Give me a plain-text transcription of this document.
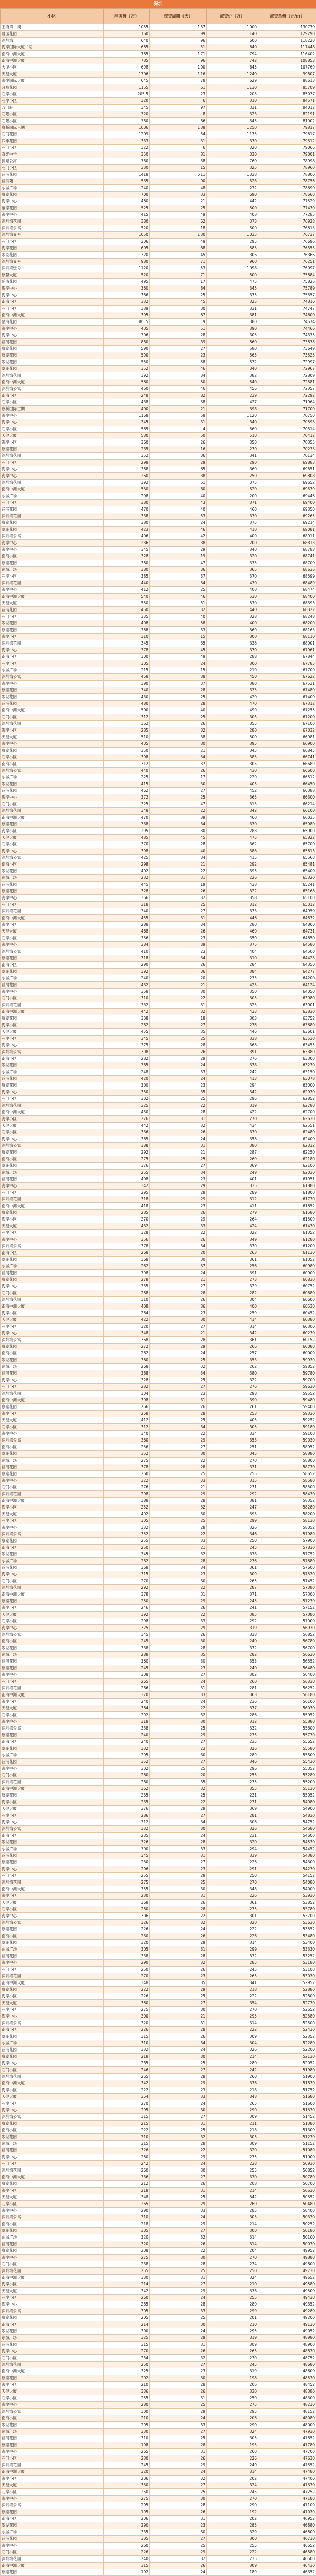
深圳
小区	挂牌价（万）	成交周期（天）	成交价（万）	成交单价（元/㎡）
王府第二期	1055	137	1000	130770
雅园花园	1160	99	1140	129290
深圳湾	640	96	600	118220
海岸国际大厦二期	665	51	640	117448
南海中洲大厦	785	171	794	116402
南海中洲大厦	785	96	742	108853
大厦小区	698	100	645	107760
天健大厦	1306	116	1240	99807
海岸国际大厦	645	78	629	88613
月峰花园	1155	61	1130	85709
石岸小区	205.5	23	203	85037
石岸小区	320	6	310	84571
万门轩	345	97	331	84012
石景小区	320	8	323	82191
石景小区	380	86	345	81002
康桥国际三期	1006	138	1250	79817
石门花园	1209	54	1175	79617
四季花园	333	31	330	79512
石门小区	322	6	320	79066
育光中学	350	81	330	79001
源泉公寓	780	38	760	78998
石门小区	330	15	325	78960
蓝浦花园	1418	511	1338	78800
蓝滨苑	535	90	528	78756
东城广场	240	48	232	78690
康泰花园	700	33	690	78660
海岸中心	460	21	442	77529
豪岸花园	525	25	500	77470
海岸中心	415	49	408	77285
深圳湾花园	380	62	373	76928
深圳湾公寓	520	18	500	76813
深圳湾壹号	1050	130	1035	76737
石门小区	306	49	295	76696
海岸花园	605	88	585	76555
翠湖花园	320	45	306	76366
深圳湾壹号	980	71	960	76251
深圳湾壹号	1120	53	1098	76097
康馨大厦	520	71	500	75884
乐湾花园	495	17	475	75826
海岸中心	360	84	345	75789
海岸中心	386	25	375	75557
南海小区	332	45	325	74816
石门小区	339	30	331	74747
南海中洲大厦	395	87	381	74600
星海花园	385.5	9	380	74574
海岸中心	405	51	390	74466
海岸中心	306	28	305	74375
蓝浦花园	880	39	860	73878
康泰花园	590	27	580	73649
康泰花园	590	23	565	73525
翠湖花园	550	58	532	72997
翠湖花园	352	46	340	72967
深圳湾花园	392	34	382	72809
南海中洲大厦	560	50	540	72581
深圳湾公寓	460	46	456	72357
南海小区	248	82	239	72292
石岸小区	438	38	427	71964
康桥国际三期	400	21	398	71700
海岸中心	1168	58	1120	70750
海岸中心	345	31	340	70593
石岸小区	565	4	560	70514
天健大厦	530	50	510	70412
海岸小区	360	26	350	70355
康泰花园	235	16	230	70235
深圳湾花园	352	36	341	70134
石门小区	298	29	290	69883
海岸中心	368	65	360	69851
海岸中心	260	38	250	69808
深圳湾花园	392	51	375	69652
南海中洲大厦	530	80	520	69579
东城广场	208	40	200	69446
石门小区	380	43	371	69400
蓝浦花园	470	40	460	69350
深圳湾花园	338	53	330	69265
康泰花园	380	24	375	69214
翠湖花园	423	46	410	69081
深圳湾公寓	406	42	400	68911
海岸中心	1236	38	1200	68813
海岸中心	345	29	340	68783
南海小区	328	19	320	68741
康泰花园	380	47	375	68700
东城广场	380	36	365	68636
石岸小区	385	37	370	68599
深圳湾花园	440	34	430	68489
海岸中心	412	25	400	68474
南海中洲大厦	540	46	530	68400
天健大厦	550	51	530	68393
蓝浦花园	450	32	440	68322
石门小区	335	40	328	68248
翠湖花园	408	58	400	68200
康泰花园	368	33	360	68163
海岸小区	310	15	300	68110
深圳湾花园	345	35	338	68001
海岸中心	378	45	370	67961
南海小区	300	49	288	67844
石岸小区	305	24	300	67785
东城广场	215	15	210	67700
深圳湾公寓	458	38	450	67622
海岸中心	390	37	380	67531
康泰花园	340	28	335	67480
翠湖花园	430	25	420	67400
蓝浦花园	480	28	470	67312
南海中洲大厦	500	40	490	67255
石门小区	312	25	305	67200
深圳湾花园	362	26	355	67100
海岸小区	285	32	280	67032
天健大厦	510	38	500	66981
海岸中心	405	30	395	66900
康泰花园	350	21	345	66845
石岸小区	398	54	385	66741
南海小区	312	37	305	66689
深圳湾公寓	440	26	430	66600
东城广场	225	17	220	66512
翠湖花园	415	30	405	66450
蓝浦花园	462	27	452	66388
海岸中心	372	25	365	66300
石门小区	325	47	315	66214
深圳湾花园	348	22	342	66100
南海中洲大厦	470	39	460	66035
康泰花园	338	34	330	65980
海岸小区	295	30	288	65900
天健大厦	485	45	475	65822
石岸小区	370	28	362	65700
海岸中心	398	40	388	65613
深圳湾公寓	425	34	415	65560
南海小区	298	21	292	65481
翠湖花园	402	22	395	65400
东城广场	232	31	226	65320
蓝浦花园	445	19	438	65241
康泰花园	328	26	322	65168
海岸中心	366	32	358	65100
石门小区	318	25	312	65012
深圳湾花园	340	27	333	64950
南海中洲大厦	455	31	446	64872
海岸小区	288	34	280	64800
天健大厦	468	26	460	64731
石岸小区	356	23	350	64650
海岸中心	384	39	375	64580
深圳湾公寓	410	23	404	64500
康泰花园	318	34	310	64423
南海小区	290	26	284	64350
翠湖花园	392	36	384	64277
东城广场	240	20	235	64200
蓝浦花园	432	21	425	64124
海岸中心	358	30	350	64050
石门小区	310	22	305	63980
深圳湾花园	332	31	325	63901
南海中洲大厦	442	32	433	63830
康泰花园	308	18	303	63752
海岸小区	282	27	276	63680
天健大厦	455	35	446	63601
石岸小区	345	25	338	63530
海岸中心	375	28	368	63455
深圳湾公寓	398	26	391	63380
南海小区	282	29	276	63300
翠湖花园	385	24	378	63230
东城广场	248	33	242	63150
蓝浦花园	420	24	413	63078
康泰花园	300	23	294	63000
海岸中心	350	35	342	62930
石门小区	302	25	296	62852
深圳湾花园	325	22	319	62780
南海中洲大厦	430	28	422	62700
海岸小区	276	31	270	62630
天健大厦	442	32	434	62551
石岸小区	336	26	330	62480
海岸中心	365	24	358	62400
深圳湾公寓	388	31	380	62332
康泰花园	292	21	287	62250
南海小区	275	25	269	62180
翠湖花园	376	27	369	62100
东城广场	255	34	249	62030
蓝浦花园	408	23	401	61951
海岸中心	342	29	335	61880
石门小区	295	28	289	61800
深圳湾花园	318	29	312	61730
南海中洲大厦	418	23	411	61652
康泰花园	285	26	279	61580
海岸小区	270	29	264	61500
天健大厦	432	33	424	61430
石岸小区	328	22	322	61352
海岸中心	356	26	349	61280
深圳湾公寓	378	34	370	61200
南海小区	268	20	263	61130
翠湖花园	368	30	361	61052
东城广场	262	37	256	60980
蓝浦花园	398	24	391	60900
康泰花园	278	21	273	60830
海岸中心	335	27	329	60752
石门小区	288	28	282	60680
深圳湾花园	310	26	304	60600
南海中洲大厦	408	36	400	60530
海岸小区	264	23	259	60452
天健大厦	422	30	414	60380
石岸小区	320	27	314	60300
海岸中心	348	21	342	60230
深圳湾公寓	368	28	361	60152
康泰花园	272	29	266	60080
南海小区	262	24	257	60000
翠湖花园	360	25	353	59930
东城广场	268	32	262	59852
蓝浦花园	388	34	380	59780
海岸中心	328	25	322	59700
石门小区	282	27	276	59630
深圳湾花园	304	23	298	59552
南海中洲大厦	398	31	390	59480
康泰花园	266	26	261	59400
海岸小区	258	28	253	59330
天健大厦	412	25	405	59252
石岸小区	312	34	305	59180
海岸中心	340	22	334	59100
深圳湾公寓	360	29	353	59030
南海小区	256	27	251	58952
翠湖花园	352	30	345	58880
东城广场	275	22	270	58800
蓝浦花园	378	28	371	58730
康泰花园	260	25	255	58652
海岸中心	322	33	315	58580
石门小区	276	21	271	58500
深圳湾花园	298	29	292	58430
南海中洲大厦	388	28	381	58352
海岸小区	252	32	247	58280
天健大厦	402	30	395	58200
石岸小区	305	25	299	58130
海岸中心	332	28	326	58052
深圳湾公寓	352	22	346	57980
康泰花园	255	33	250	57900
南海小区	250	21	245	57830
翠湖花园	345	32	338	57752
东城广场	282	28	276	57680
蓝浦花园	368	34	361	57600
海岸中心	315	23	309	57530
石门小区	270	30	265	57452
深圳湾花园	292	22	287	57380
南海中洲大厦	378	31	371	57300
康泰花园	250	29	245	57230
海岸小区	246	26	241	57152
天健大厦	392	22	385	57080
石岸小区	298	33	292	57000
海岸中心	325	29	319	56930
深圳湾公寓	345	26	338	56852
南海小区	245	30	240	56780
翠湖花园	338	28	332	56700
东城广场	288	35	282	56630
蓝浦花园	360	30	353	56552
康泰花园	245	23	240	56480
海岸中心	308	27	302	56400
石门小区	265	24	260	56330
深圳湾花园	286	31	281	56252
南海中洲大厦	370	33	363	56180
海岸小区	240	24	236	56100
天健大厦	384	22	377	56030
石岸小区	292	32	286	55952
海岸中心	318	30	312	55880
深圳湾公寓	338	25	332	55800
康泰花园	240	29	235	55730
南海小区	240	27	235	55652
翠湖花园	332	23	326	55580
东城广场	295	30	289	55500
蓝浦花园	352	27	346	55430
海岸中心	302	25	296	55352
石门小区	260	20	255	55280
深圳湾花园	280	35	275	55200
南海中洲大厦	362	32	355	55130
康泰花园	235	25	231	55052
海岸小区	235	22	231	54980
天健大厦	376	29	369	54900
石岸小区	286	27	281	54830
海岸中心	312	34	306	54752
深圳湾公寓	332	30	326	54680
南海小区	235	24	231	54600
翠湖花园	326	28	320	54530
东城广场	300	33	294	54452
蓝浦花园	345	31	339	54380
康泰花园	230	27	226	54300
海岸中心	296	23	291	54230
石门小区	255	28	250	54152
深圳湾花园	275	25	270	54080
南海中洲大厦	355	30	348	54000
海岸小区	230	31	226	53930
天健大厦	368	26	361	53852
石岸小区	280	28	275	53780
海岸中心	306	22	301	53700
深圳湾公寓	326	32	320	53630
康泰花园	226	24	222	53552
南海小区	230	26	226	53480
翠湖花园	320	29	314	53400
东城广场	305	31	299	53330
蓝浦花园	338	28	332	53252
海岸中心	290	32	285	53180
石门小区	250	26	245	53100
深圳湾花园	270	23	265	53030
南海中洲大厦	348	35	341	52952
康泰花园	222	29	218	52880
海岸小区	226	25	222	52800
天健大厦	360	27	354	52730
石岸小区	275	30	270	52652
海岸中心	300	21	295	52580
深圳湾公寓	320	31	314	52500
南海小区	226	28	222	52430
翠湖花园	315	26	309	52352
东城广场	310	34	304	52280
蓝浦花园	332	24	326	52200
康泰花园	218	30	214	52130
海岸中心	285	25	280	52052
石门小区	246	27	242	51980
深圳湾花园	265	28	260	51900
南海中洲大厦	342	29	336	51830
海岸小区	222	23	218	51752
天健大厦	354	33	348	51680
石岸小区	270	24	265	51600
海岸中心	295	30	290	51530
深圳湾公寓	315	27	309	51452
康泰花园	215	31	211	51380
南海小区	222	25	218	51300
翠湖花园	310	32	305	51230
东城广场	315	28	309	51152
蓝浦花园	326	22	320	51080
海岸中心	280	29	275	51000
石门小区	242	24	238	50930
深圳湾花园	260	30	255	50852
南海中洲大厦	336	27	330	50780
康泰花园	212	26	208	50700
海岸小区	218	31	214	50630
天健大厦	348	25	342	50552
石岸小区	265	29	260	50480
海岸中心	290	33	285	50400
深圳湾公寓	310	24	305	50330
南海小区	218	29	214	50252
翠湖花园	305	27	300	50180
东城广场	320	32	314	50100
蓝浦花园	320	26	314	50030
康泰花园	208	22	204	49952
海岸中心	275	30	270	49880
石门小区	238	28	234	49800
深圳湾花园	255	25	250	49730
南海中洲大厦	330	31	324	49652
海岸小区	214	27	210	49580
天健大厦	342	29	336	49500
石岸小区	260	24	255	49430
海岸中心	285	28	280	49352
深圳湾公寓	305	33	299	49280
康泰花园	205	25	201	49200
南海小区	214	30	210	49130
翠湖花园	300	24	295	49052
东城广场	325	29	319	48980
蓝浦花园	315	31	309	48900
海岸中心	270	26	265	48830
石门小区	234	32	230	48752
深圳湾花园	250	27	245	48680
南海中洲大厦	325	23	319	48600
康泰花园	202	30	198	48530
海岸小区	210	28	206	48452
天健大厦	336	26	330	48380
石岸小区	255	31	250	48300
海岸中心	280	25	275	48230
深圳湾公寓	300	29	295	48152
南海小区	210	24	206	48080
翠湖花园	295	33	290	48000
东城广场	330	27	324	47930
蓝浦花园	310	25	305	47852
康泰花园	198	28	195	47780
海岸中心	265	31	260	47700
石门小区	230	26	226	47630
深圳湾花园	245	29	240	47552
南海中洲大厦	320	24	314	47480
海岸小区	206	32	202	47400
天健大厦	330	27	324	47330
石岸小区	250	25	245	47252
海岸中心	275	30	270	47180
深圳湾公寓	295	28	290	47100
康泰花园	195	26	192	47030
南海小区	206	31	202	46952
翠湖花园	290	23	285	46880
东城广场	335	30	329	46800
蓝浦花园	305	27	300	46730
海岸中心	260	25	255	46652
石门小区	226	29	222	46580
深圳湾花园	240	32	235	46500
南海中洲大厦	315	26	309	46430
康泰花园	192	24	189	46352
